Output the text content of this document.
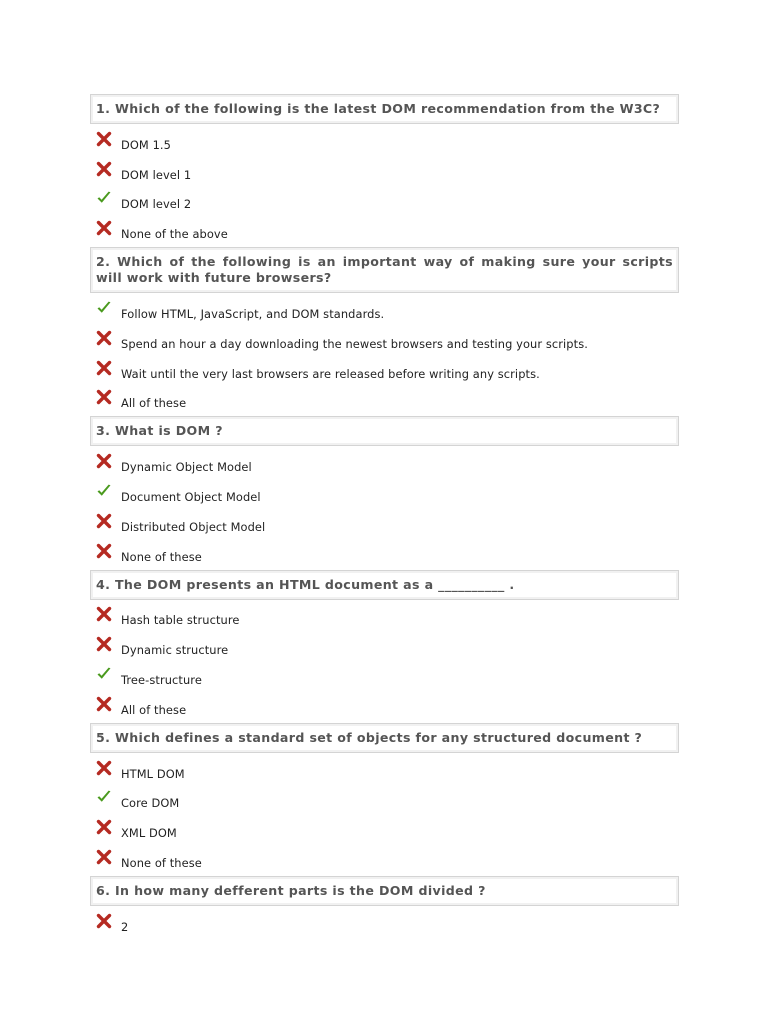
1. Which of the following is the latest DOM recommendation from the W3C?
DOM 1.5
DOM level 1
DOM level 2
None of the above
2. Which of the following is an important way of making sure your scripts will work with future browsers?
Follow HTML, JavaScript, and DOM standards.
Spend an hour a day downloading the newest browsers and testing your scripts.
Wait until the very last browsers are released before writing any scripts.
All of these
3. What is DOM ?
Dynamic Object Model
Document Object Model
Distributed Object Model
None of these
4. The DOM presents an HTML document as a __________ .
Hash table structure
Dynamic structure
Tree-structure
All of these
5. Which defines a standard set of objects for any structured document ?
HTML DOM
Core DOM
XML DOM
None of these
6. In how many defferent parts is the DOM divided ?
2
